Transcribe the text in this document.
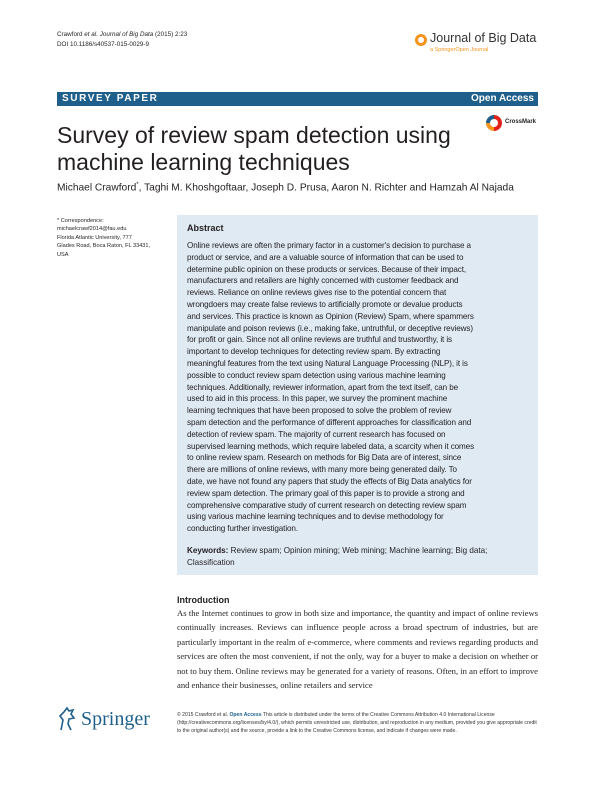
Crawford et al. Journal of Big Data (2015) 2:23
DOI 10.1186/s40537-015-0029-9	Journal of Big Data
a SpringerOpen Journal
SURVEY PAPER	Open Access
Survey of review spam detection using machine learning techniques
CrossMark
Michael Crawford*, Taghi M. Khoshgoftaar, Joseph D. Prusa, Aaron N. Richter and Hamzah Al Najada
* Correspondence:
michaelcrawf2014@fau.edu
Florida Atlantic University, 777
Glades Road, Boca Raton, FL 33431,
USA
Abstract
Online reviews are often the primary factor in a customer's decision to purchase a
product or service, and are a valuable source of information that can be used to
determine public opinion on these products or services. Because of their impact,
manufacturers and retailers are highly concerned with customer feedback and
reviews. Reliance on online reviews gives rise to the potential concern that
wrongdoers may create false reviews to artificially promote or devalue products
and services. This practice is known as Opinion (Review) Spam, where spammers
manipulate and poison reviews (i.e., making fake, untruthful, or deceptive reviews)
for profit or gain. Since not all online reviews are truthful and trustworthy, it is
important to develop techniques for detecting review spam. By extracting
meaningful features from the text using Natural Language Processing (NLP), it is
possible to conduct review spam detection using various machine learning
techniques. Additionally, reviewer information, apart from the text itself, can be
used to aid in this process. In this paper, we survey the prominent machine
learning techniques that have been proposed to solve the problem of review
spam detection and the performance of different approaches for classification and
detection of review spam. The majority of current research has focused on
supervised learning methods, which require labeled data, a scarcity when it comes
to online review spam. Research on methods for Big Data are of interest, since
there are millions of online reviews, with many more being generated daily. To
date, we have not found any papers that study the effects of Big Data analytics for
review spam detection. The primary goal of this paper is to provide a strong and
comprehensive comparative study of current research on detecting review spam
using various machine learning techniques and to devise methodology for
conducting further investigation.
Keywords: Review spam; Opinion mining; Web mining; Machine learning; Big data;
Classification
Introduction
As the Internet continues to grow in both size and importance, the quantity and impact of online reviews continually increases. Reviews can influence people across a broad spectrum of industries, but are particularly important in the realm of e-commerce, where comments and reviews regarding products and services are often the most convenient, if not the only, way for a buyer to make a decision on whether or not to buy them. Online reviews may be generated for a variety of reasons. Often, in an effort to improve and enhance their businesses, online retailers and service
Springer	© 2015 Crawford et al. Open Access This article is distributed under the terms of the Creative Commons Attribution 4.0 International License (http://creativecommons.org/licenses/by/4.0/), which permits unrestricted use, distribution, and reproduction in any medium, provided you give appropriate credit to the original author(s) and the source, provide a link to the Creative Commons license, and indicate if changes were made.
